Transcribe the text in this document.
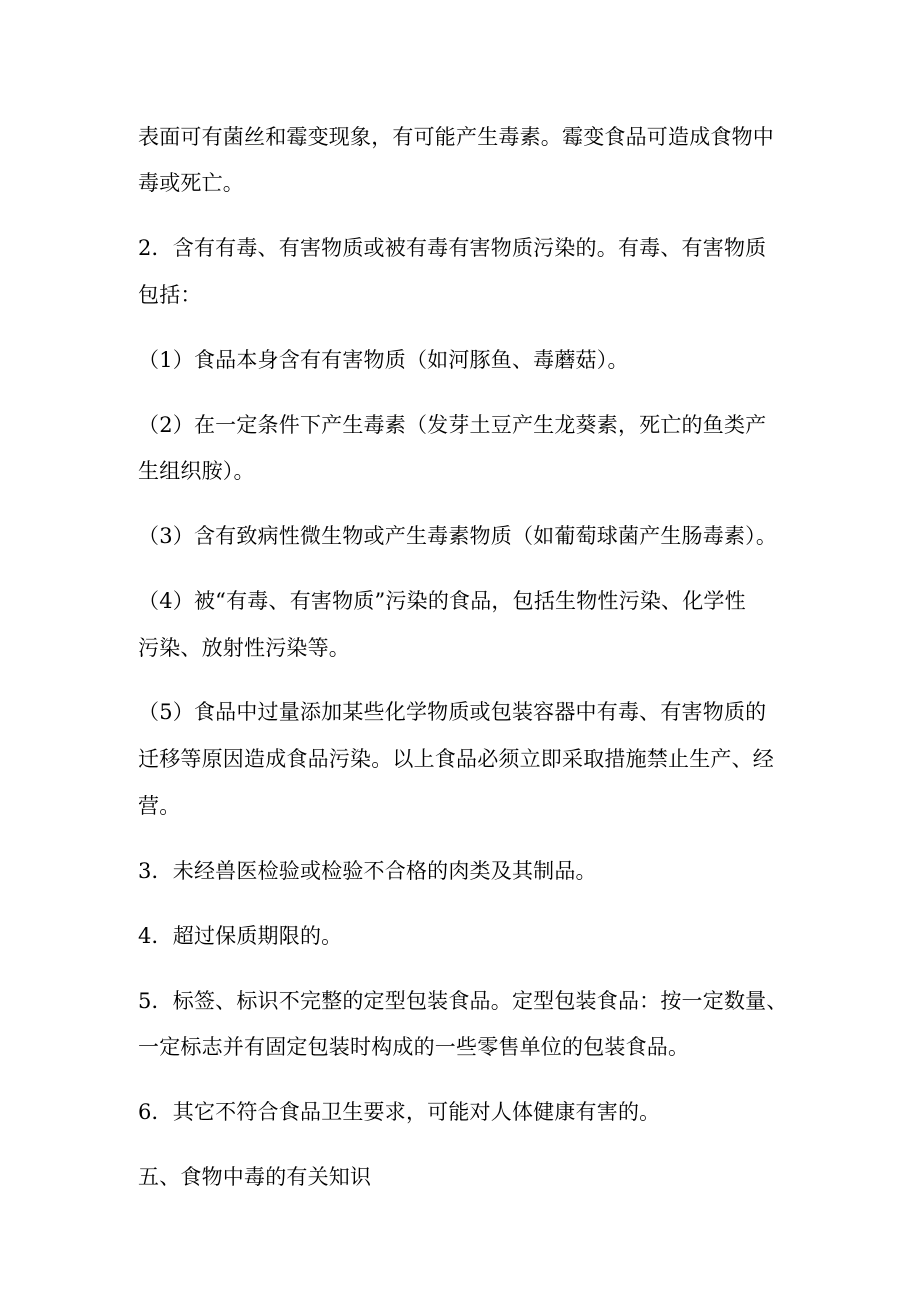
表面可有菌丝和霉变现象，有可能产生毒素。霉变食品可造成食物中
毒或死亡。
2．含有有毒、有害物质或被有毒有害物质污染的。有毒、有害物质
包括：
（1）食品本身含有有害物质（如河豚鱼、毒蘑菇）。
（2）在一定条件下产生毒素（发芽土豆产生龙葵素，死亡的鱼类产
生组织胺）。
（3）含有致病性微生物或产生毒素物质（如葡萄球菌产生肠毒素）。
（4）被“有毒、有害物质”污染的食品，包括生物性污染、化学性
污染、放射性污染等。
（5）食品中过量添加某些化学物质或包装容器中有毒、有害物质的
迁移等原因造成食品污染。以上食品必须立即采取措施禁止生产、经
营。
3．未经兽医检验或检验不合格的肉类及其制品。
4．超过保质期限的。
5．标签、标识不完整的定型包装食品。定型包装食品：按一定数量、
一定标志并有固定包装时构成的一些零售单位的包装食品。
6．其它不符合食品卫生要求，可能对人体健康有害的。
五、食物中毒的有关知识
